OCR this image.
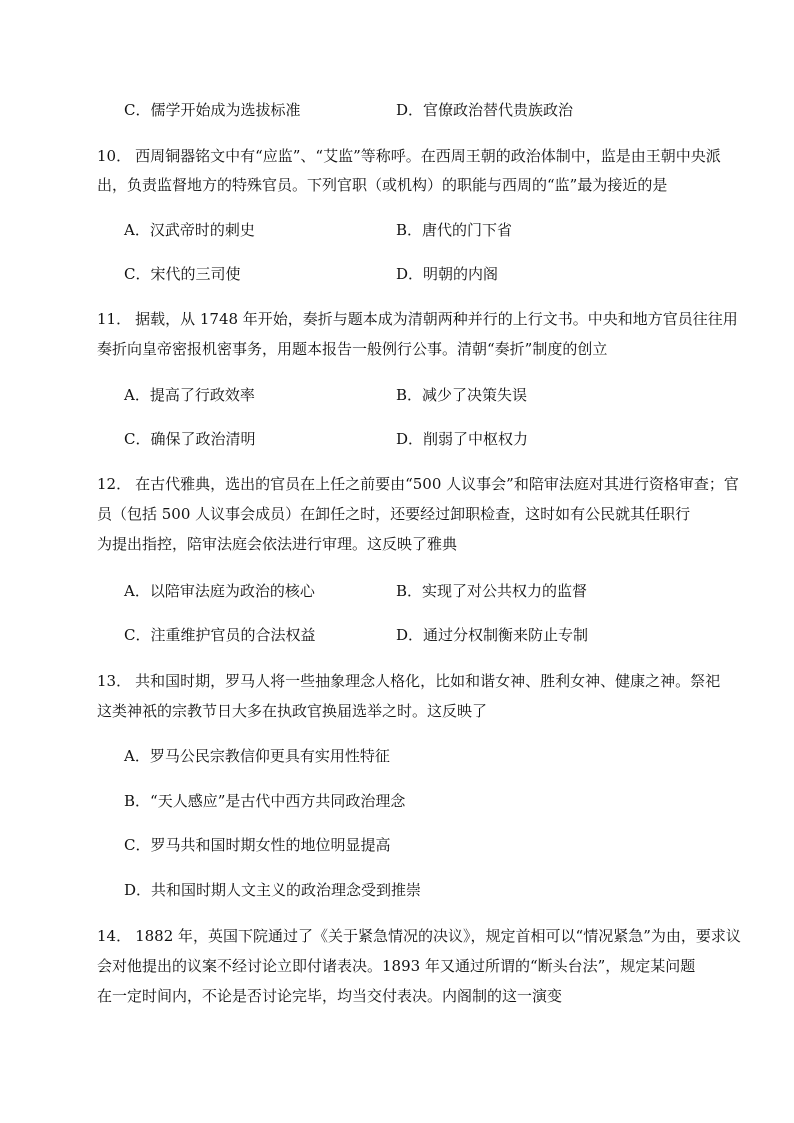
C．儒学开始成为选拔标准	D．官僚政治替代贵族政治
10． 西周铜器铭文中有“应监”、“艾监”等称呼。在西周王朝的政治体制中，监是由王朝中央派
出，负责监督地方的特殊官员。下列官职（或机构）的职能与西周的“监”最为接近的是
A．汉武帝时的刺史	B．唐代的门下省
C．宋代的三司使	D．明朝的内阁
11． 据载，从 1748 年开始，奏折与题本成为清朝两种并行的上行文书。中央和地方官员往往用
奏折向皇帝密报机密事务，用题本报告一般例行公事。清朝“奏折”制度的创立
A．提高了行政效率	B．减少了决策失误
C．确保了政治清明	D．削弱了中枢权力
12． 在古代雅典，选出的官员在上任之前要由“500 人议事会”和陪审法庭对其进行资格审查；官
员（包括 500 人议事会成员）在卸任之时，还要经过卸职检查，这时如有公民就其任职行
为提出指控，陪审法庭会依法进行审理。这反映了雅典
A．以陪审法庭为政治的核心	B．实现了对公共权力的监督
C．注重维护官员的合法权益	D．通过分权制衡来防止专制
13． 共和国时期，罗马人将一些抽象理念人格化，比如和谐女神、胜利女神、健康之神。祭祀
这类神祇的宗教节日大多在执政官换届选举之时。这反映了
A．罗马公民宗教信仰更具有实用性特征
B．“天人感应”是古代中西方共同政治理念
C．罗马共和国时期女性的地位明显提高
D．共和国时期人文主义的政治理念受到推崇
14． 1882 年，英国下院通过了《关于紧急情况的决议》，规定首相可以“情况紧急”为由，要求议
会对他提出的议案不经讨论立即付诸表决。1893 年又通过所谓的“断头台法”，规定某问题
在一定时间内，不论是否讨论完毕，均当交付表决。内阁制的这一演变
